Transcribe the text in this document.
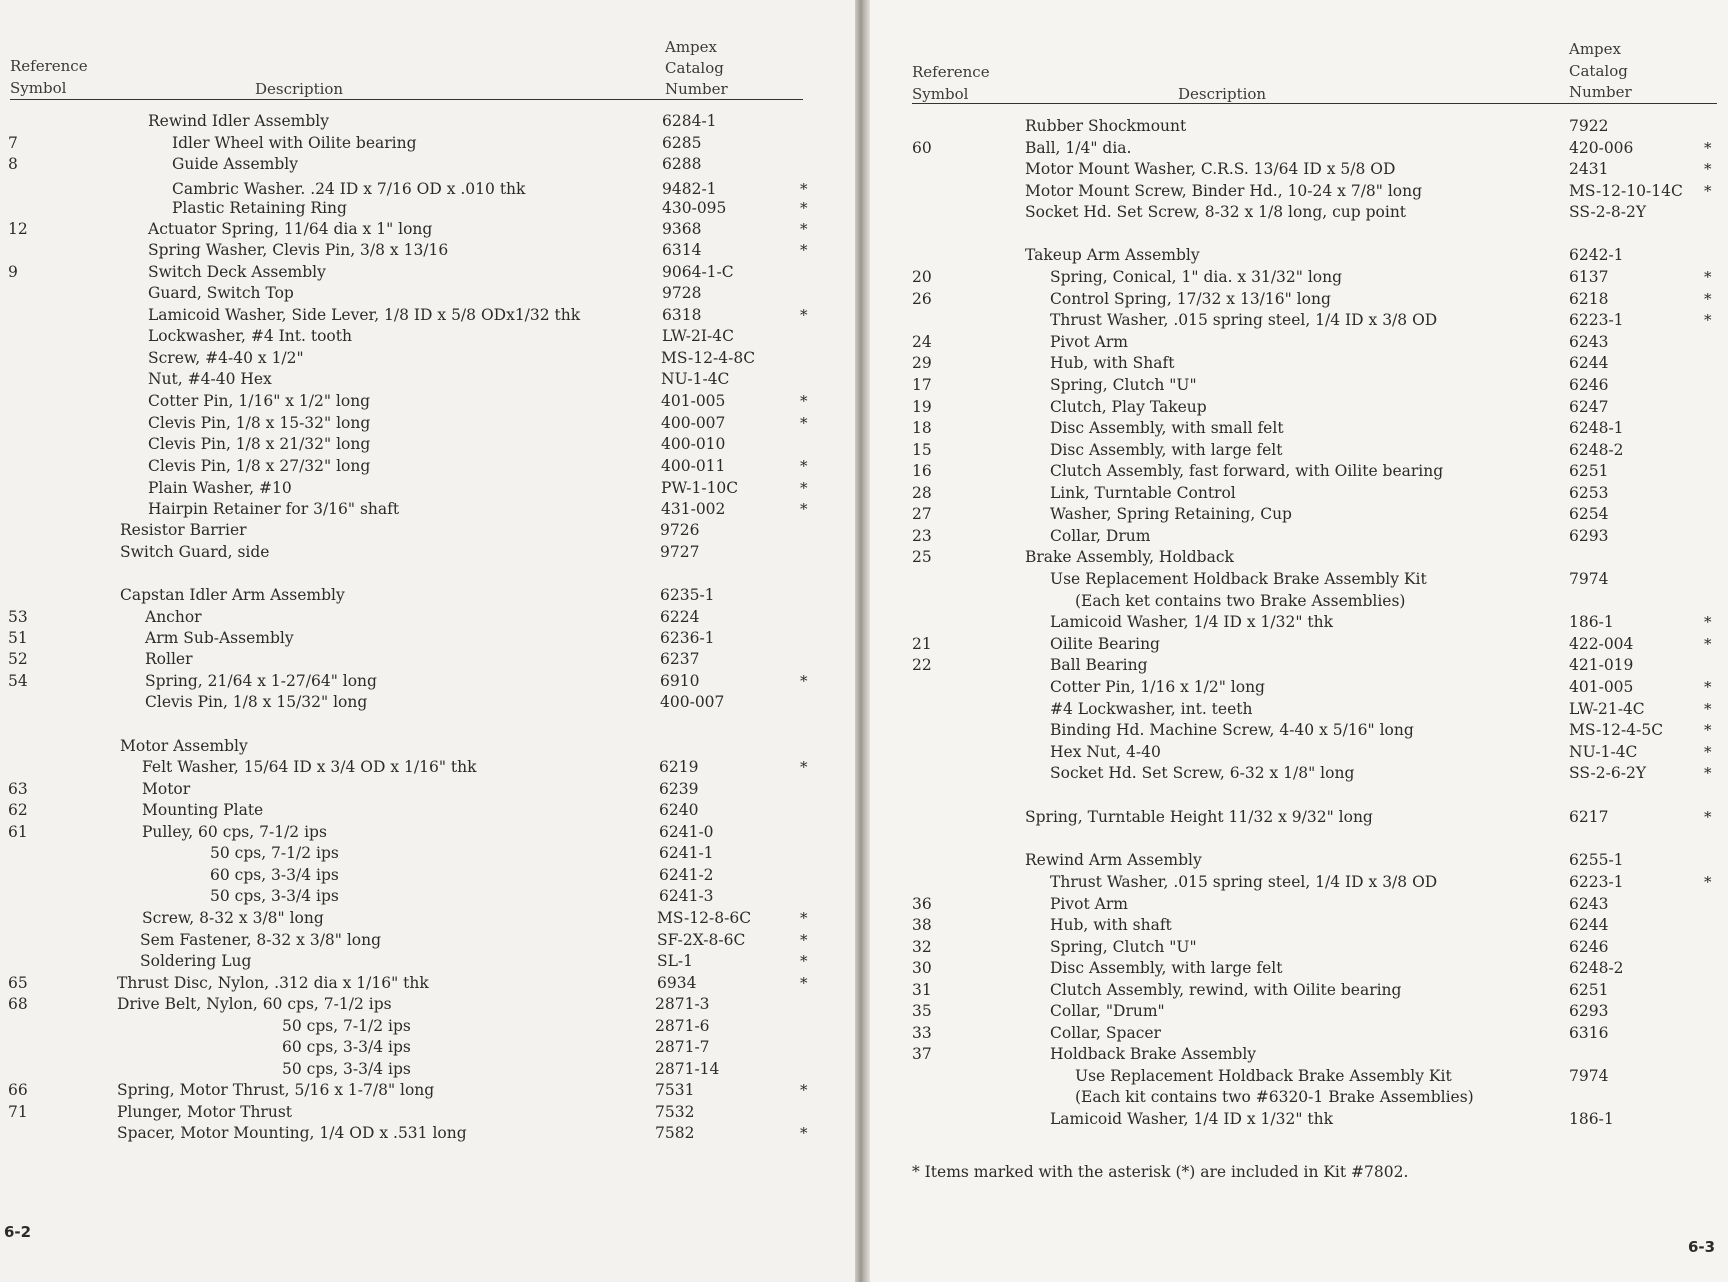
Reference
Symbol	Description
Ampex
Catalog
Number
Rewind Idler Assembly	6284-1
7	Idler Wheel with Oilite bearing	6285
8	Guide Assembly	6288
Cambric Washer. .24 ID x 7/16 OD x .010 thk	9482-1	*
Plastic Retaining Ring	430-095	*
12	Actuator Spring, 11/64 dia x 1" long	9368	*
Spring Washer, Clevis Pin, 3/8 x 13/16	6314	*
9	Switch Deck Assembly	9064-1-C
Guard, Switch Top	9728
Lamicoid Washer, Side Lever, 1/8 ID x 5/8 ODx1/32 thk	6318	*
Lockwasher, #4 Int. tooth	LW-2I-4C
Screw, #4-40 x 1/2"	MS-12-4-8C
Nut, #4-40 Hex	NU-1-4C
Cotter Pin, 1/16" x 1/2" long	401-005	*
Clevis Pin, 1/8 x 15-32" long	400-007	*
Clevis Pin, 1/8 x 21/32" long	400-010
Clevis Pin, 1/8 x 27/32" long	400-011	*
Plain Washer, #10	PW-1-10C	*
Hairpin Retainer for 3/16" shaft	431-002	*
Resistor Barrier	9726
Switch Guard, side	9727
Capstan Idler Arm Assembly	6235-1
53	Anchor	6224
51	Arm Sub-Assembly	6236-1
52	Roller	6237
54	Spring, 21/64 x 1-27/64" long	6910	*
Clevis Pin, 1/8 x 15/32" long	400-007
Motor Assembly
Felt Washer, 15/64 ID x 3/4 OD x 1/16" thk	6219	*
63	Motor	6239
62	Mounting Plate	6240
61	Pulley, 60 cps, 7-1/2 ips	6241-0
50 cps, 7-1/2 ips	6241-1
60 cps, 3-3/4 ips	6241-2
50 cps, 3-3/4 ips	6241-3
Screw, 8-32 x 3/8" long	MS-12-8-6C	*
Sem Fastener, 8-32 x 3/8" long	SF-2X-8-6C	*
Soldering Lug	SL-1	*
65	Thrust Disc, Nylon, .312 dia x 1/16" thk	6934	*
68	Drive Belt, Nylon, 60 cps, 7-1/2 ips	2871-3
50 cps, 7-1/2 ips	2871-6
60 cps, 3-3/4 ips	2871-7
50 cps, 3-3/4 ips	2871-14
66	Spring, Motor Thrust, 5/16 x 1-7/8" long	7531	*
71	Plunger, Motor Thrust	7532
Spacer, Motor Mounting, 1/4 OD x .531 long	7582	*
6-2
Reference
Symbol	Description
Ampex
Catalog
Number
Rubber Shockmount	7922
60	Ball, 1/4" dia.	420-006	*
Motor Mount Washer, C.R.S. 13/64 ID x 5/8 OD	2431	*
Motor Mount Screw, Binder Hd., 10-24 x 7/8" long	MS-12-10-14C *
Socket Hd. Set Screw, 8-32 x 1/8 long, cup point	SS-2-8-2Y
Takeup Arm Assembly	6242-1
20	Spring, Conical, 1" dia. x 31/32" long	6137	*
26	Control Spring, 17/32 x 13/16" long	6218	*
Thrust Washer, .015 spring steel, 1/4 ID x 3/8 OD	6223-1	*
24	Pivot Arm	6243
29	Hub, with Shaft	6244
17	Spring, Clutch "U"	6246
19	Clutch, Play Takeup	6247
18	Disc Assembly, with small felt	6248-1
15	Disc Assembly, with large felt	6248-2
16	Clutch Assembly, fast forward, with Oilite bearing	6251
28	Link, Turntable Control	6253
27	Washer, Spring Retaining, Cup	6254
23	Collar, Drum	6293
25	Brake Assembly, Holdback
Use Replacement Holdback Brake Assembly Kit	7974
(Each ket contains two Brake Assemblies)
Lamicoid Washer, 1/4 ID x 1/32" thk	186-1	*
21	Oilite Bearing	422-004	*
22	Ball Bearing	421-019
Cotter Pin, 1/16 x 1/2" long	401-005	*
#4 Lockwasher, int. teeth	LW-21-4C	*
Binding Hd. Machine Screw, 4-40 x 5/16" long	MS-12-4-5C	*
Hex Nut, 4-40	NU-1-4C	*
Socket Hd. Set Screw, 6-32 x 1/8" long	SS-2-6-2Y	*
Spring, Turntable Height 11/32 x 9/32" long	6217	*
Rewind Arm Assembly	6255-1
Thrust Washer, .015 spring steel, 1/4 ID x 3/8 OD	6223-1	*
36	Pivot Arm	6243
38	Hub, with shaft	6244
32	Spring, Clutch "U"	6246
30	Disc Assembly, with large felt	6248-2
31	Clutch Assembly, rewind, with Oilite bearing	6251
35	Collar, "Drum"	6293
33	Collar, Spacer	6316
37	Holdback Brake Assembly
Use Replacement Holdback Brake Assembly Kit	7974
(Each kit contains two #6320-1 Brake Assemblies)
Lamicoid Washer, 1/4 ID x 1/32" thk	186-1
* Items marked with the asterisk (*) are included in Kit #7802.
6-3
